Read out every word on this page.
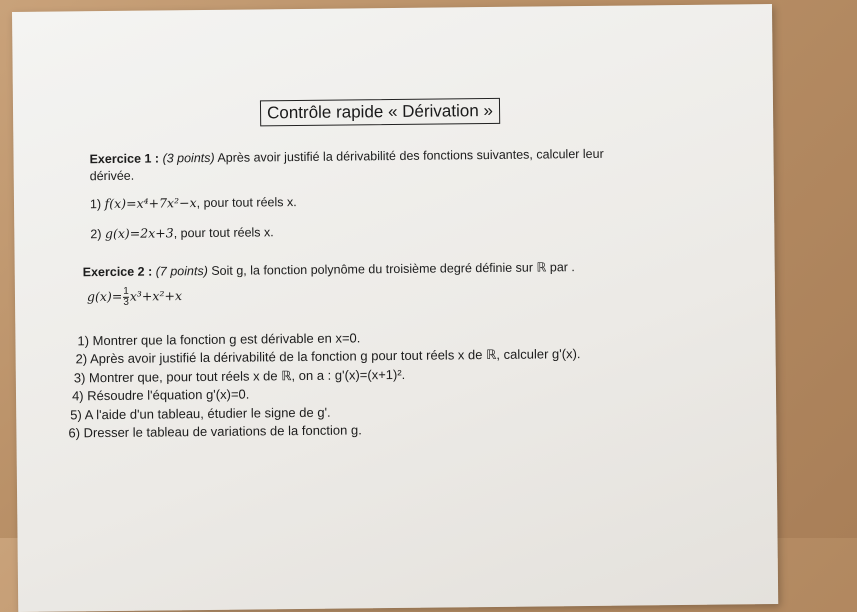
Contrôle rapide « Dérivation »
Exercice 1 : (3 points) Après avoir justifié la dérivabilité des fonctions suivantes, calculer leur
dérivée.
1) f(x)=x⁴+7x²−x, pour tout réels x.
2) g(x)=2x+3, pour tout réels x.
Exercice 2 : (7 points) Soit g, la fonction polynôme du troisième degré définie sur ℝ par .
$g(x)= \frac{1}{3} x^3+x^2+x$
1) Montrer que la fonction g est dérivable en x=0.
2) Après avoir justifié la dérivabilité de la fonction g pour tout réels x de ℝ, calculer g'(x).
3) Montrer que, pour tout réels x de ℝ, on a : g'(x)=(x+1)².
4) Résoudre l'équation g'(x)=0.
5) A l'aide d'un tableau, étudier le signe de g'.
6) Dresser le tableau de variations de la fonction g.
